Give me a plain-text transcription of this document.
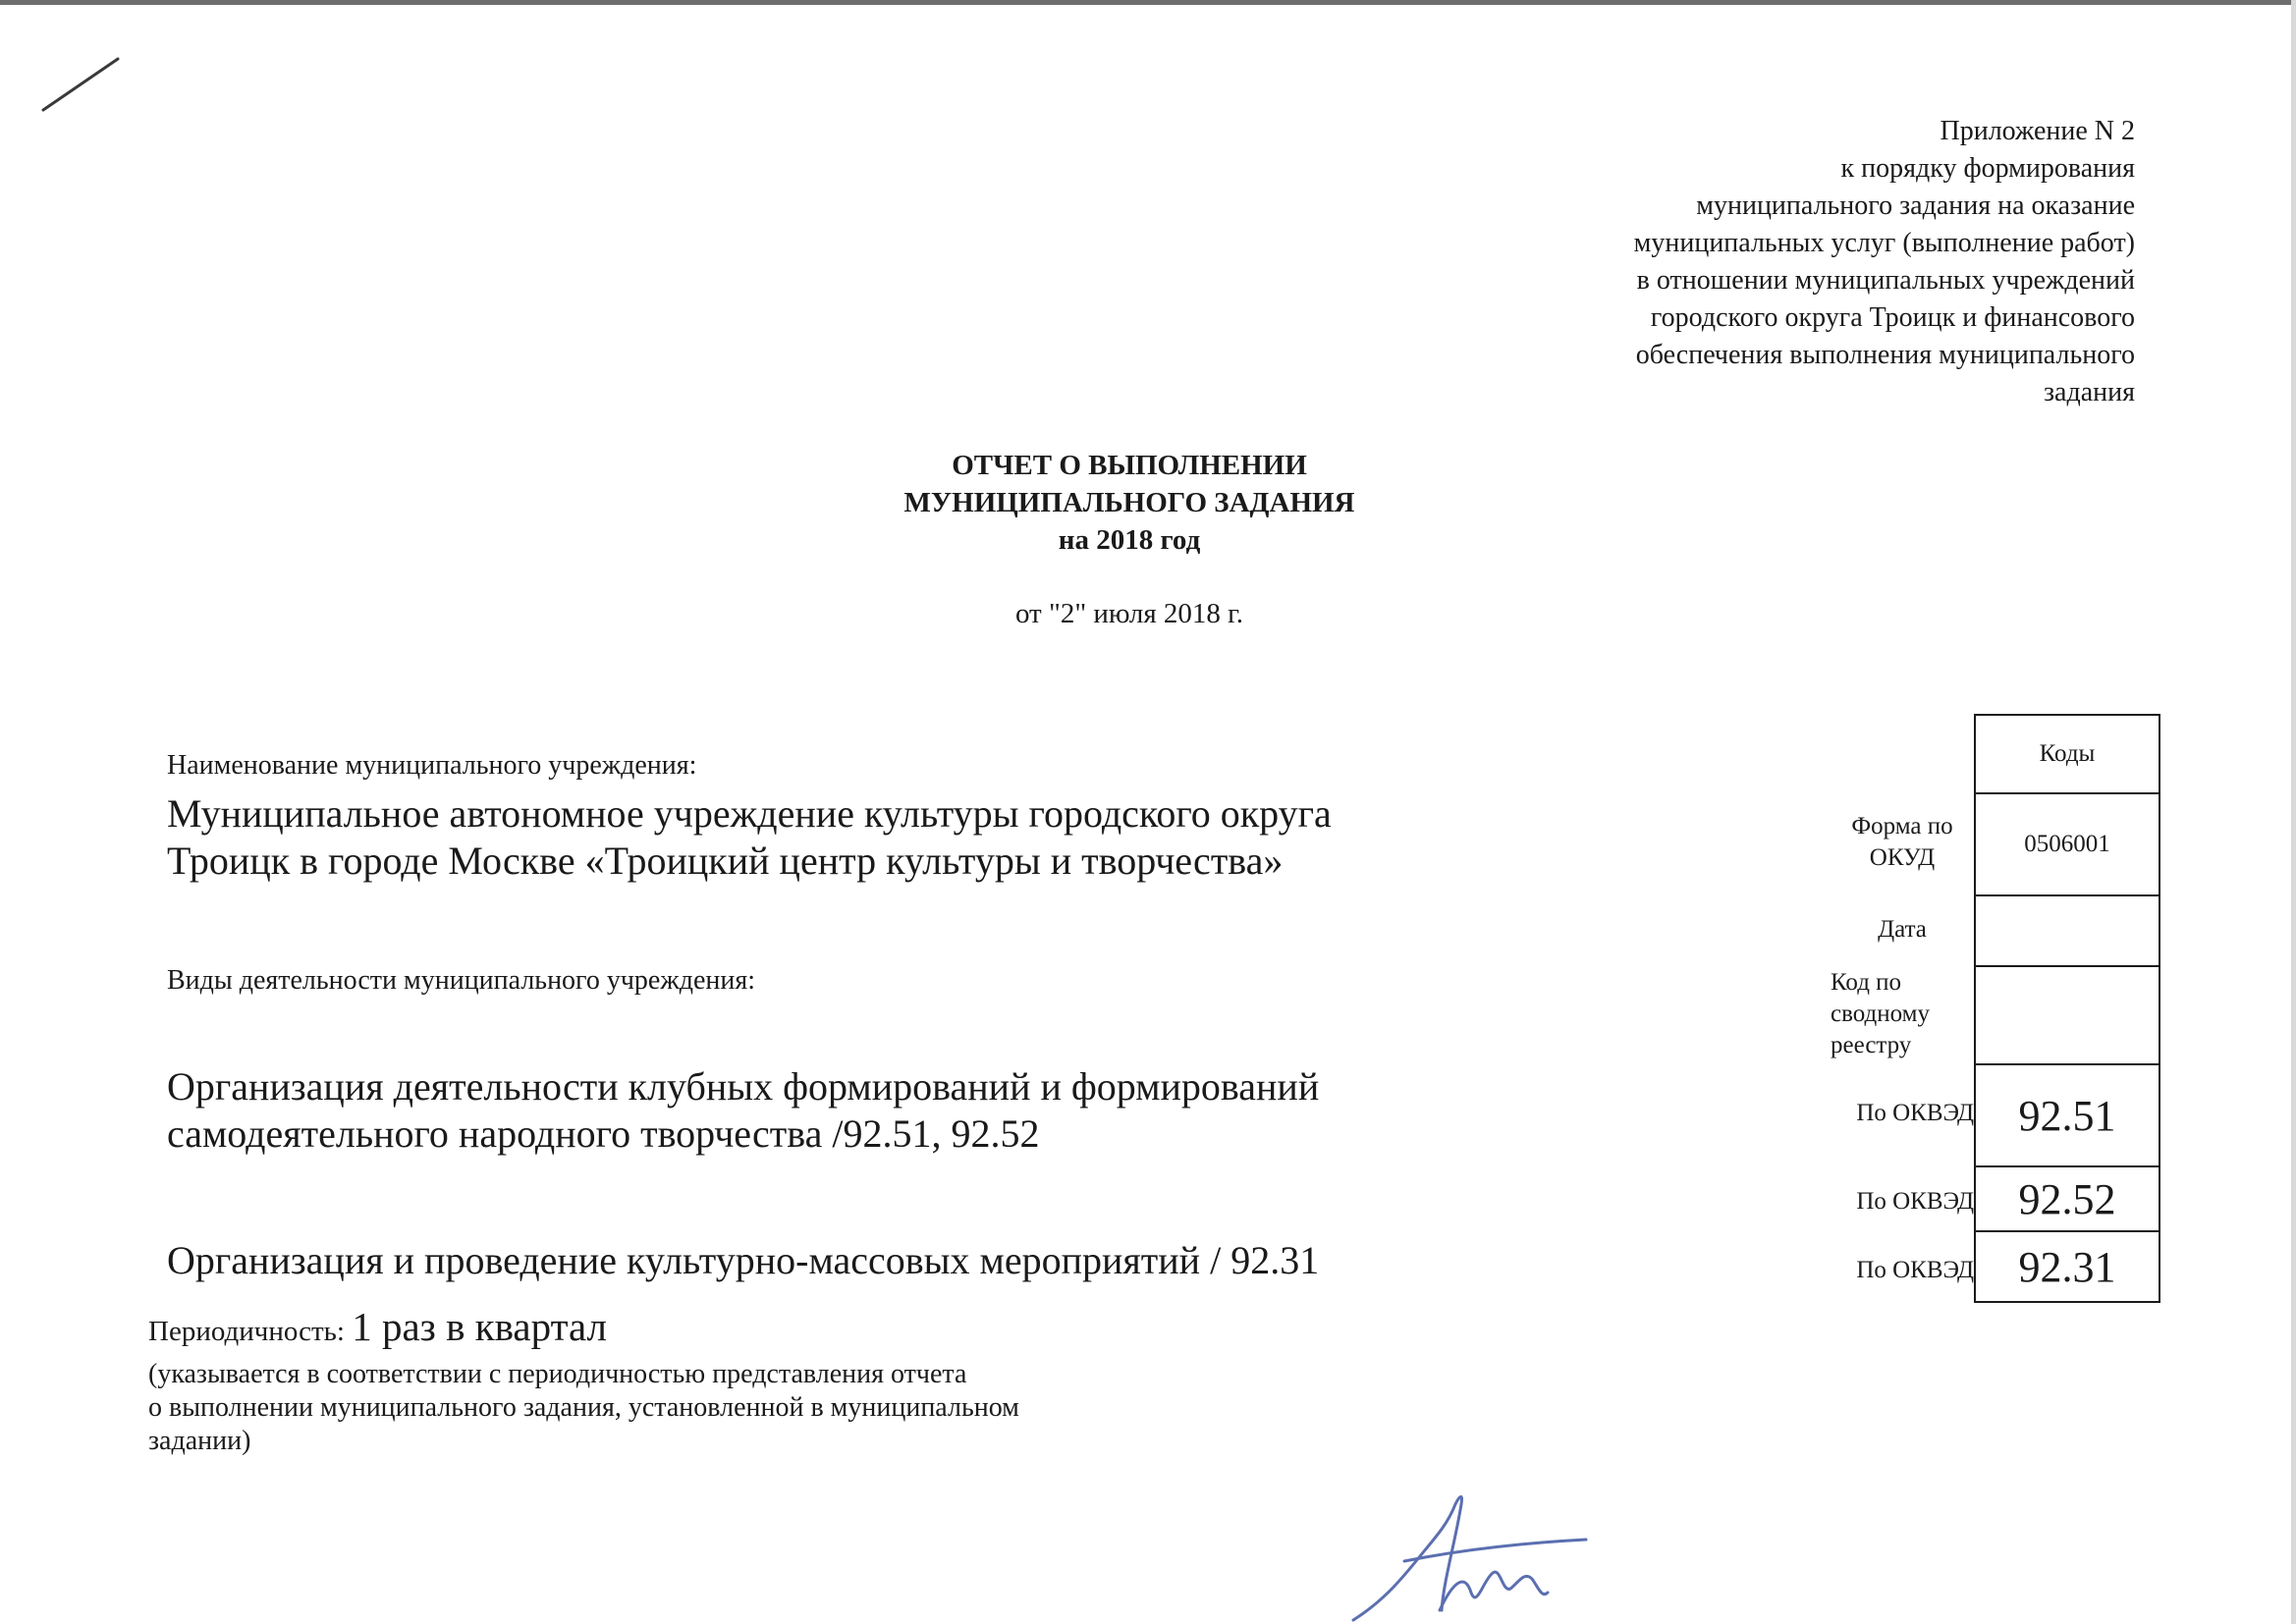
Приложение N 2
к порядку формирования
муниципального задания на оказание
муниципальных услуг (выполнение работ)
в отношении муниципальных учреждений
городского округа Троицк и финансового
обеспечения выполнения муниципального
задания
ОТЧЕТ О ВЫПОЛНЕНИИ
МУНИЦИПАЛЬНОГО ЗАДАНИЯ
на 2018 год
от "2" июля 2018 г.
Наименование муниципального учреждения:
Муниципальное автономное учреждение культуры городского округа
Троицк в городе Москве «Троицкий центр культуры и творчества»
Виды деятельности муниципального учреждения:
Организация деятельности клубных формирований и формирований
самодеятельного народного творчества /92.51, 92.52
Организация и проведение культурно-массовых мероприятий / 92.31
Периодичность: 1 раз в квартал
(указывается в соответствии с периодичностью представления отчета
о выполнении муниципального задания, установленной в муниципальном
задании)
Коды
0506001
92.51
92.52
92.31
Форма по
ОКУД
Дата
Код по
сводному
реестру
По ОКВЭД
По ОКВЭД
По ОКВЭД
